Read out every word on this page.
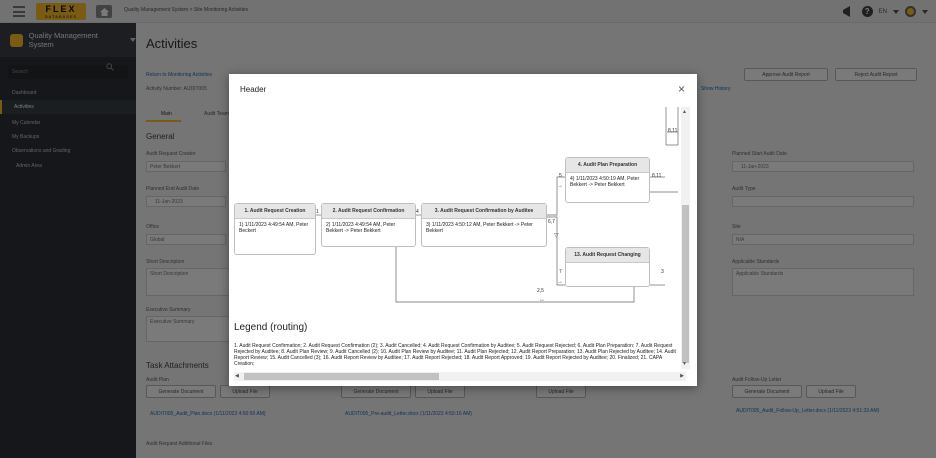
Header	×
1. Audit Request Creation
1) 1/11/2023 4:49:54 AM, Peter Beckert
2. Audit Request Confirmation
2) 1/11/2023 4:49:54 AM, Peter Bekkert -> Peter Bekkert
3. Audit Request Confirmation by Auditee
3) 1/11/2023 4:50:12 AM, Peter Bekkert -> Peter Bekkert
4. Audit Plan Preparation
4) 1/11/2023 4:50:19 AM, Peter Bekkert -> Peter Bekkert
13. Audit Request Changing
1	4
5
6,7
7
2,5
3
8,11
8,11
▽
→
→
↔
▲
▼
Legend (routing)
1. Audit Request Confirmation; 2. Audit Request Confirmation (2); 3. Audit Cancelled; 4. Audit Request Confirmation by Auditee; 5. Audit Request Rejected; 6. Audit Plan Preparation; 7. Audit Request Rejected by Auditee; 8. Audit Plan Review; 9. Audit Cancelled (2); 10. Audit Plan Review by Auditee; 11. Audit Plan Rejected; 12. Audit Report Preparation; 13. Audit Plan Rejected by Auditee; 14. Audit Report Review; 15. Audit Cancelled (3); 16. Audit Report Review by Auditee; 17. Audit Report Rejected; 18. Audit Report Approved; 19. Audit Report Rejected by Auditee; 20. Finalized; 21. CAPA Creation;
◀	▶
